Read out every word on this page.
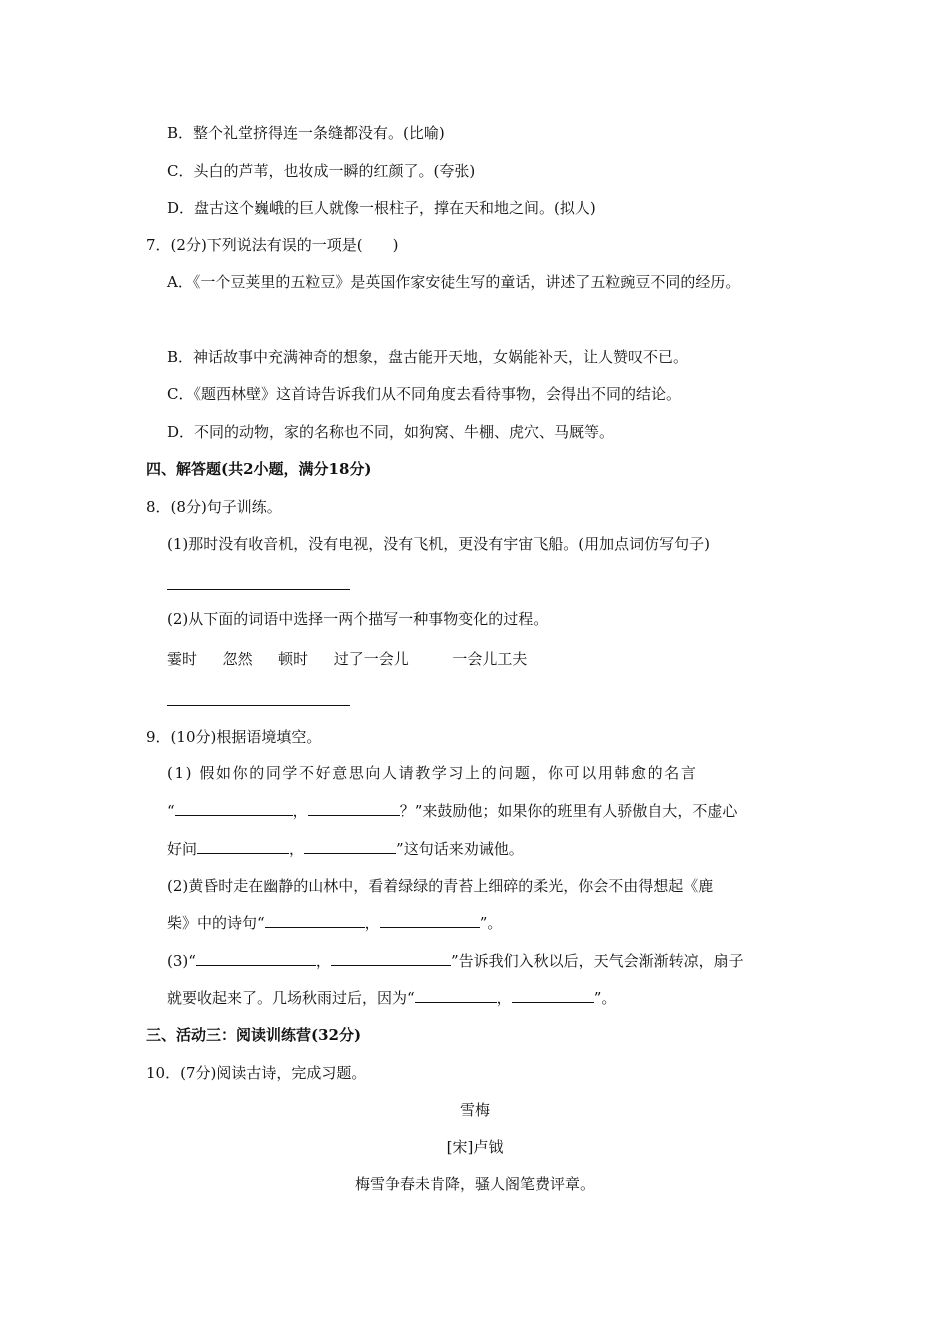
B．整个礼堂挤得连一条缝都没有。(比喻)
C．头白的芦苇，也妆成一瞬的红颜了。(夸张)
D．盘古这个巍峨的巨人就像一根柱子，撑在天和地之间。(拟人)
7．(2分)下列说法有误的一项是(　　)
A．《一个豆荚里的五粒豆》是英国作家安徒生写的童话，讲述了五粒豌豆不同的经历。
B．神话故事中充满神奇的想象，盘古能开天地，女娲能补天，让人赞叹不已。
C．《题西林壁》这首诗告诉我们从不同角度去看待事物，会得出不同的结论。
D．不同的动物，家的名称也不同，如狗窝、牛棚、虎穴、马厩等。
四、解答题(共2小题，满分18分)
8．(8分)句子训练。
(1)那时没有收音机，没有电视，没有飞机，更没有宇宙飞船。(用加点词仿写句子)
(2)从下面的词语中选择一两个描写一种事物变化的过程。
霎时 忽然 顿时 过了一会儿	一会儿工夫
9．(10分)根据语境填空。
(1) 假如你的同学不好意思向人请教学习上的问题，你可以用韩愈的名言
“	，	？”来鼓励他；如果你的班里有人骄傲自大，不虚心
好问	，	”这句话来劝诫他。
(2)黄昏时走在幽静的山林中，看着绿绿的青苔上细碎的柔光，你会不由得想起《鹿
柴》中的诗句“	，	”。
(3)“	，	”告诉我们入秋以后，天气会渐渐转凉，扇子
就要收起来了。几场秋雨过后，因为“	，	”。
三、活动三：阅读训练营(32分)
10．(7分)阅读古诗，完成习题。
雪梅
[宋]卢钺
梅雪争春未肯降，骚人阁笔费评章。
